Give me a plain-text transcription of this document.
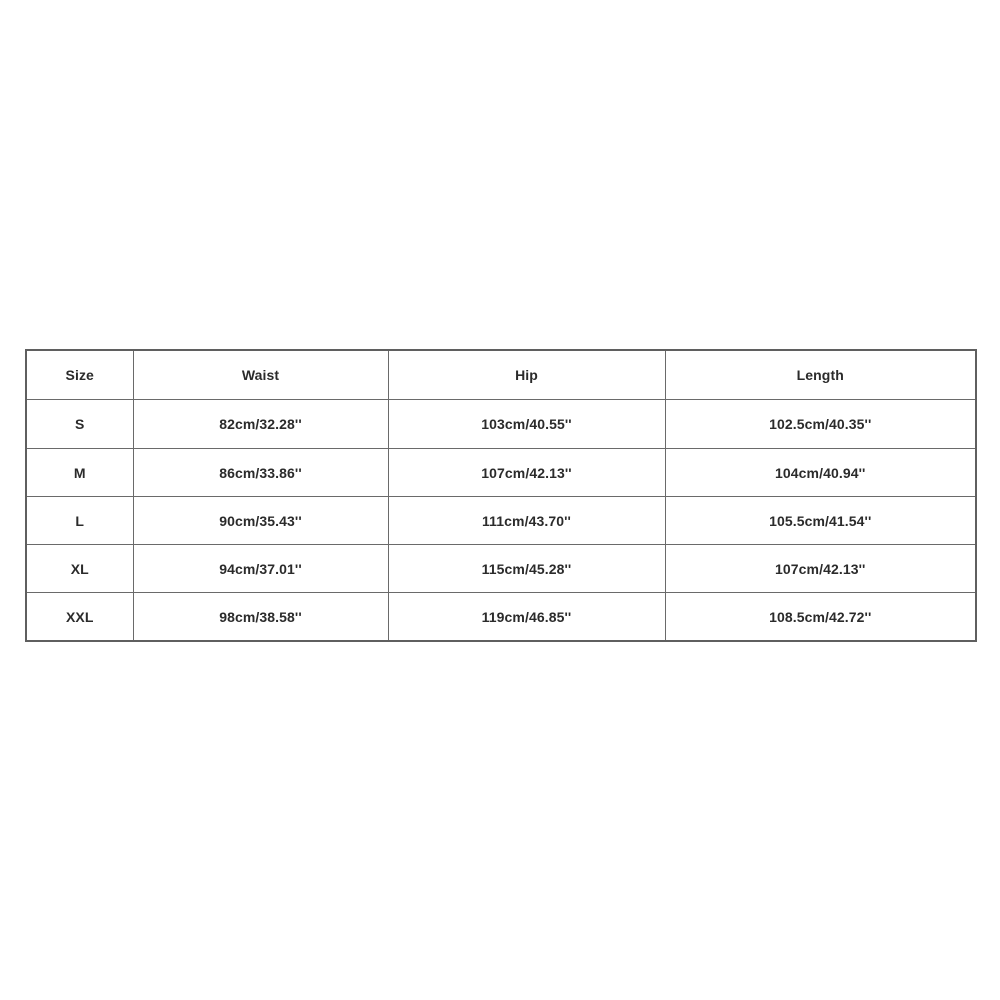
Size	Waist	Hip	Length
S	82cm/32.28''	103cm/40.55''	102.5cm/40.35''
M	86cm/33.86''	107cm/42.13''	104cm/40.94''
L	90cm/35.43''	111cm/43.70''	105.5cm/41.54''
XL	94cm/37.01''	115cm/45.28''	107cm/42.13''
XXL	98cm/38.58''	119cm/46.85''	108.5cm/42.72''
